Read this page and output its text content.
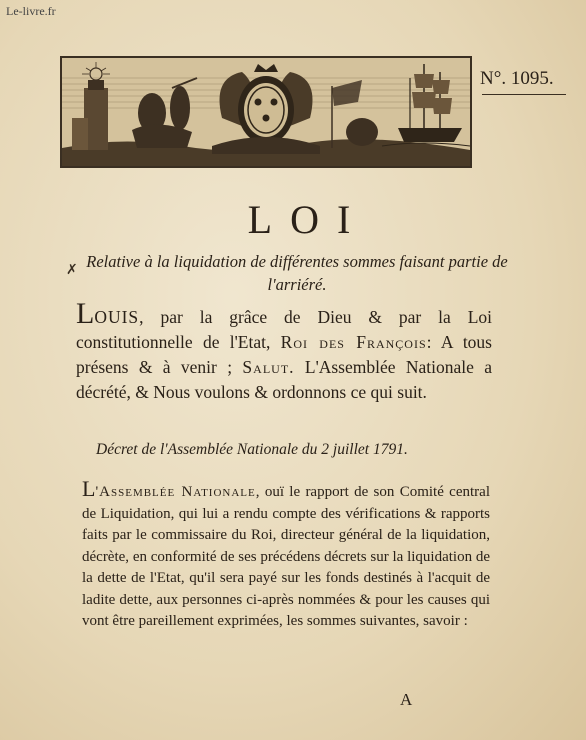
Le-livre.fr
N°. 1095.
LOI
✗ Relative à la liquidation de différentes sommes faisant partie de l'arriéré.
LOUIS, par la grâce de Dieu & par la Loi constitutionnelle de l'Etat, Roi des François: A tous présens & à venir ; Salut. L'Assemblée Nationale a décrété, & Nous voulons & ordonnons ce qui suit.
Décret de l'Assemblée Nationale du 2 juillet 1791.
L'Assemblée Nationale, ouï le rapport de son Comité central de Liquidation, qui lui a rendu compte des vérifications & rapports faits par le commissaire du Roi, directeur général de la liquidation, décrète, en conformité de ses précédens décrets sur la liquidation de la dette de l'Etat, qu'il sera payé sur les fonds destinés à l'acquit de ladite dette, aux personnes ci-après nommées & pour les causes qui vont être pareillement exprimées, les sommes suivantes, savoir :
A
